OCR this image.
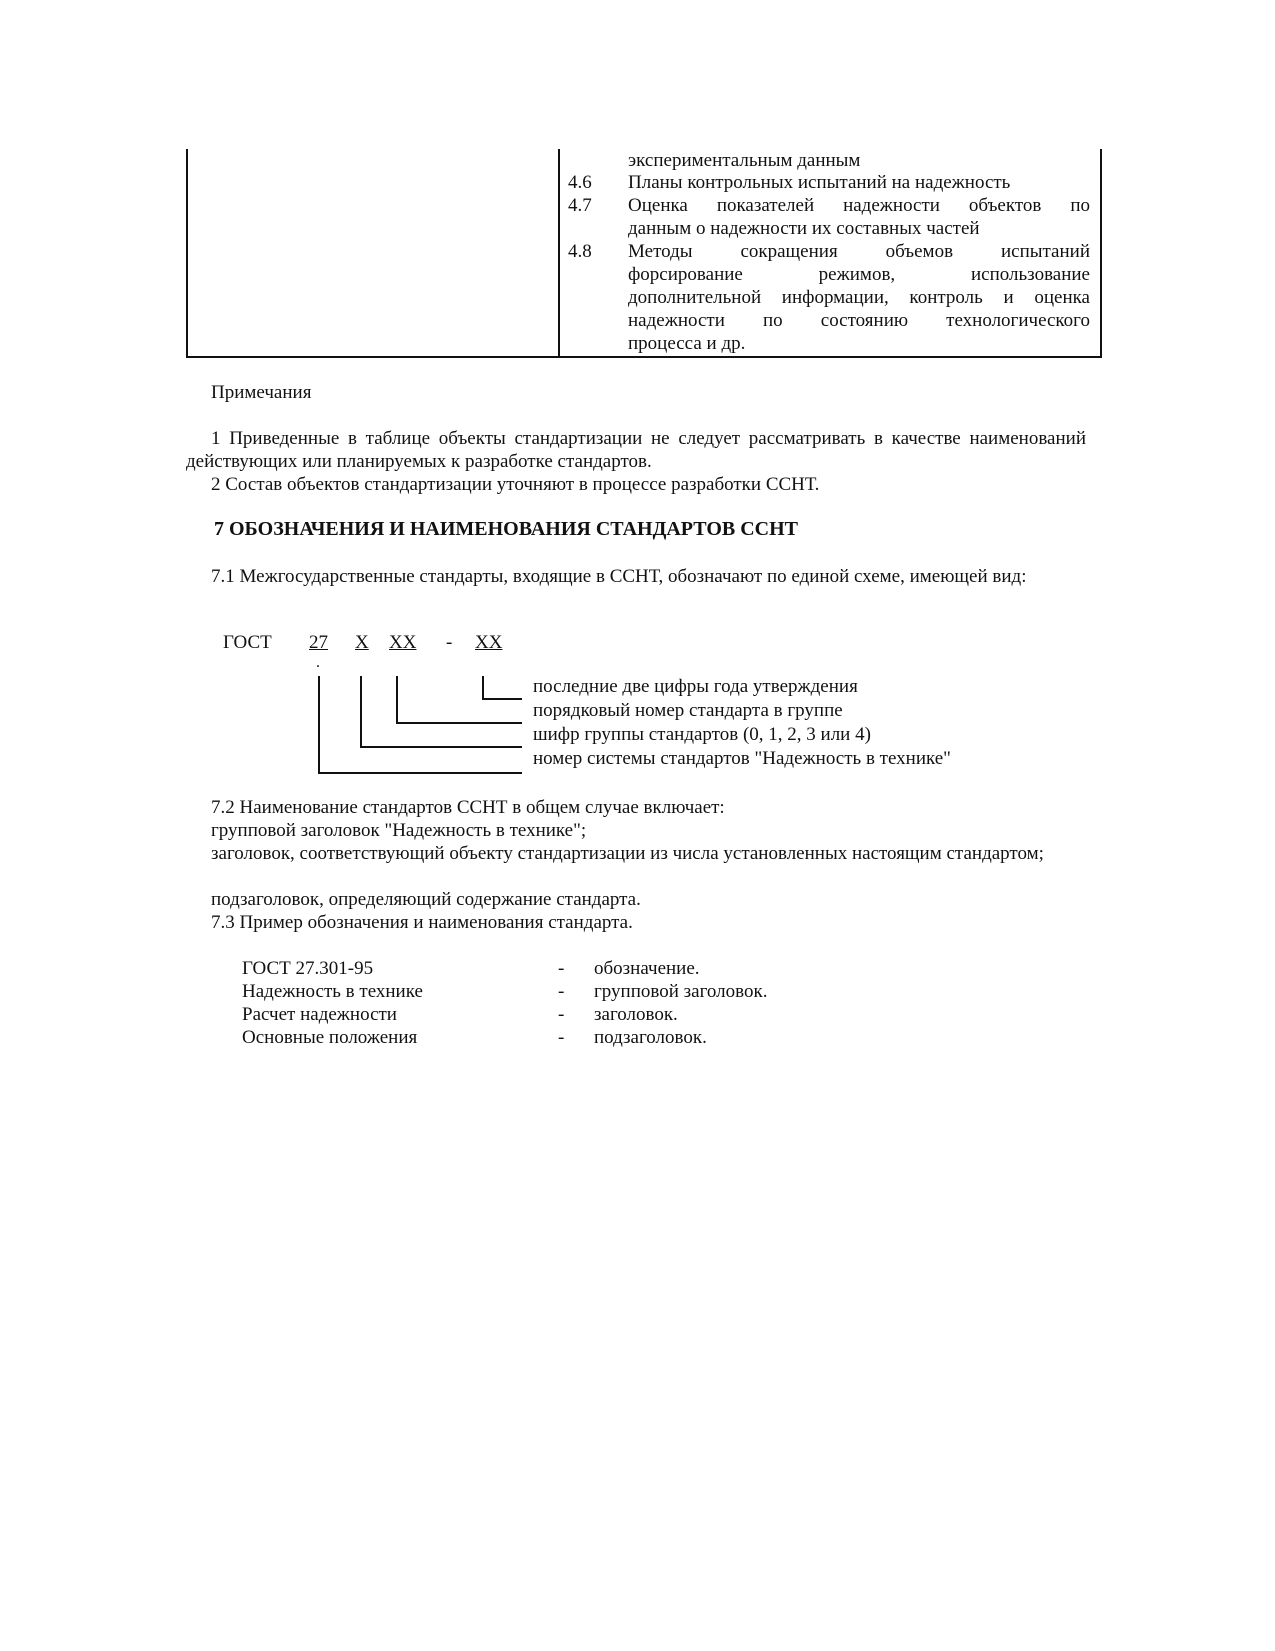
экспериментальным данным
4.6 Планы контрольных испытаний на надежность
4.7 Оценка показателей надежности объектов по
данным о надежности их составных частей
4.8 Методы сокращения объемов испытаний
форсирование режимов, использование
дополнительной информации, контроль и оценка
надежности по состоянию технологического
процесса и др.
Примечания
1 Приведенные в таблице объекты стандартизации не следует рассматривать в качестве наименований действующих или планируемых к разработке стандартов.
2 Состав объектов стандартизации уточняют в процессе разработки ССНТ.
7 ОБОЗНАЧЕНИЯ И НАИМЕНОВАНИЯ СТАНДАРТОВ ССНТ
7.1 Межгосударственные стандарты, входящие в ССНТ, обозначают по единой схеме, имеющей вид:
ГОСТ 27 Х ХХ - ХХ
.
последние две цифры года утверждения
порядковый номер стандарта в группе
шифр группы стандартов (0, 1, 2, 3 или 4)
номер системы стандартов "Надежность в технике"
7.2 Наименование стандартов ССНТ в общем случае включает:
групповой заголовок "Надежность в технике";
заголовок, соответствующий объекту стандартизации из числа установленных настоящим стандартом;
подзаголовок, определяющий содержание стандарта.
7.3 Пример обозначения и наименования стандарта.
ГОСТ 27.301-95	- обозначение.
Надежность в технике	- групповой заголовок.
Расчет надежности	- заголовок.
Основные положения	- подзаголовок.
